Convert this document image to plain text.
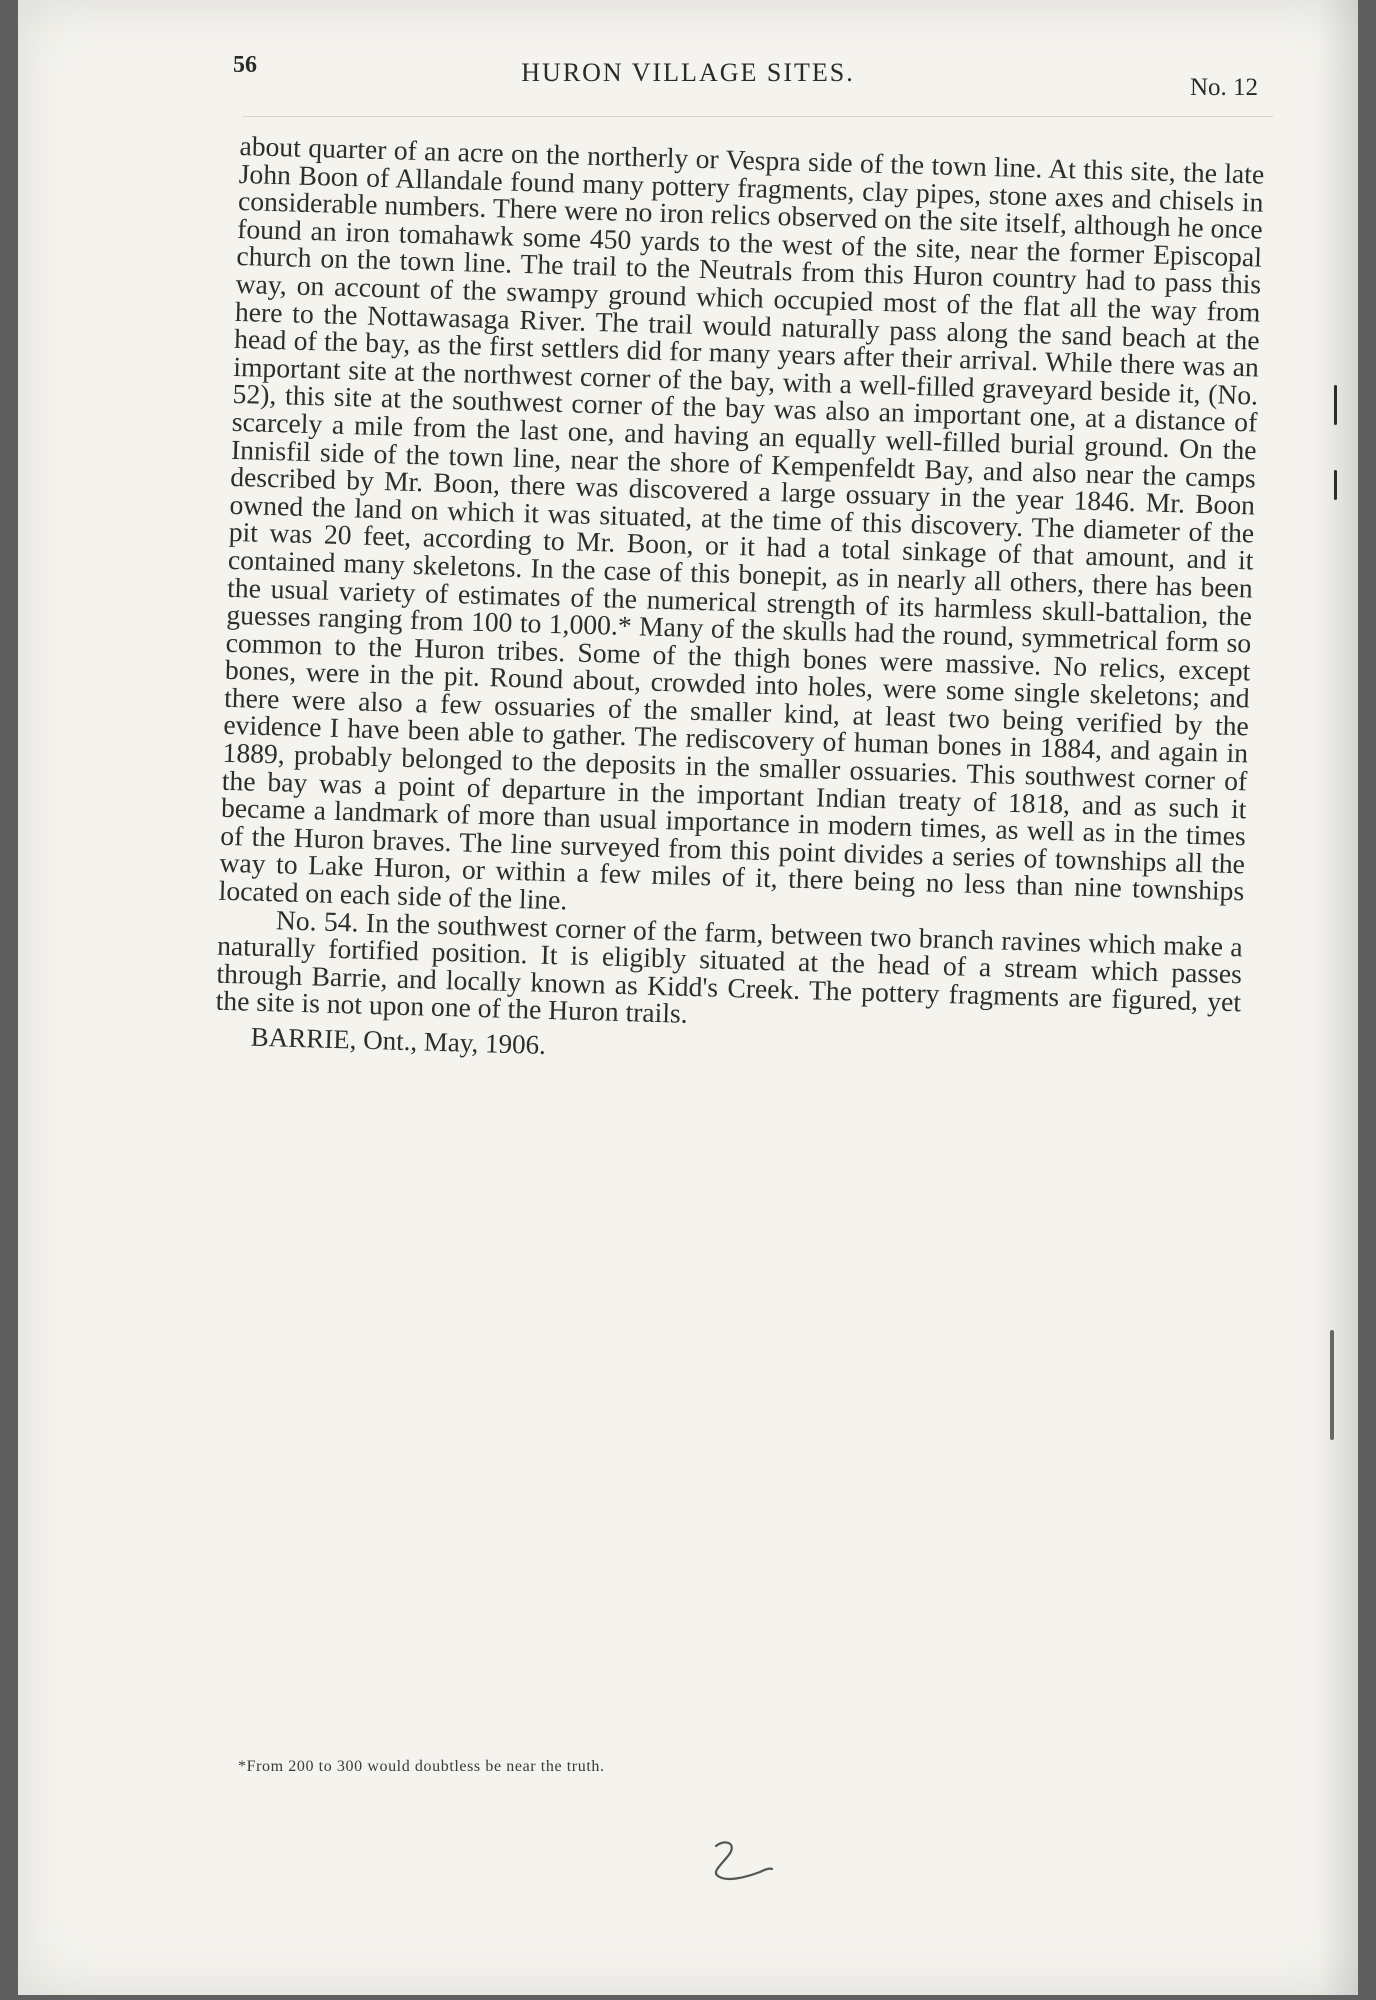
56	HURON VILLAGE SITES.
No. 12

about quarter of an acre on the northerly or Vespra side of the town line. At this site, the late John Boon of Allandale found many pottery fragments, clay pipes, stone axes and chisels in considerable numbers. There were no iron relics observed on the site itself, although he once found an iron tomahawk some 450 yards to the west of the site, near the former Episcopal church on the town line. The trail to the Neutrals from this Huron country had to pass this way, on account of the swampy ground which occupied most of the flat all the way from here to the Nottawasaga River. The trail would naturally pass along the sand beach at the head of the bay, as the first settlers did for many years after their arrival. While there was an important site at the northwest corner of the bay, with a well-filled graveyard beside it, (No. 52), this site at the southwest corner of the bay was also an important one, at a distance of scarcely a mile from the last one, and having an equally well-filled burial ground. On the Innisfil side of the town line, near the shore of Kempenfeldt Bay, and also near the camps described by Mr. Boon, there was discovered a large ossuary in the year 1846. Mr. Boon owned the land on which it was situated, at the time of this discovery. The diameter of the pit was 20 feet, according to Mr. Boon, or it had a total sinkage of that amount, and it contained many skeletons. In the case of this bonepit, as in nearly all others, there has been the usual variety of estimates of the numerical strength of its harmless skull-battalion, the guesses ranging from 100 to 1,000.* Many of the skulls had the round, symmetrical form so common to the Huron tribes. Some of the thigh bones were massive. No relics, except bones, were in the pit. Round about, crowded into holes, were some single skeletons; and there were also a few ossuaries of the smaller kind, at least two being verified by the evidence I have been able to gather. The rediscovery of human bones in 1884, and again in 1889, probably belonged to the deposits in the smaller ossuaries. This southwest corner of the bay was a point of departure in the important Indian treaty of 1818, and as such it became a landmark of more than usual importance in modern times, as well as in the times of the Huron braves. The line surveyed from this point divides a series of townships all the way to Lake Huron, or within a few miles of it, there being no less than nine townships located on each side of the line.

No. 54. In the southwest corner of the farm, between two branch ravines which make a naturally fortified position. It is eligibly situated at the head of a stream which passes through Barrie, and locally known as Kidd's Creek. The pottery fragments are figured, yet the site is not upon one of the Huron trails.

BARRIE, Ont., May, 1906.

*From 200 to 300 would doubtless be near the truth.
